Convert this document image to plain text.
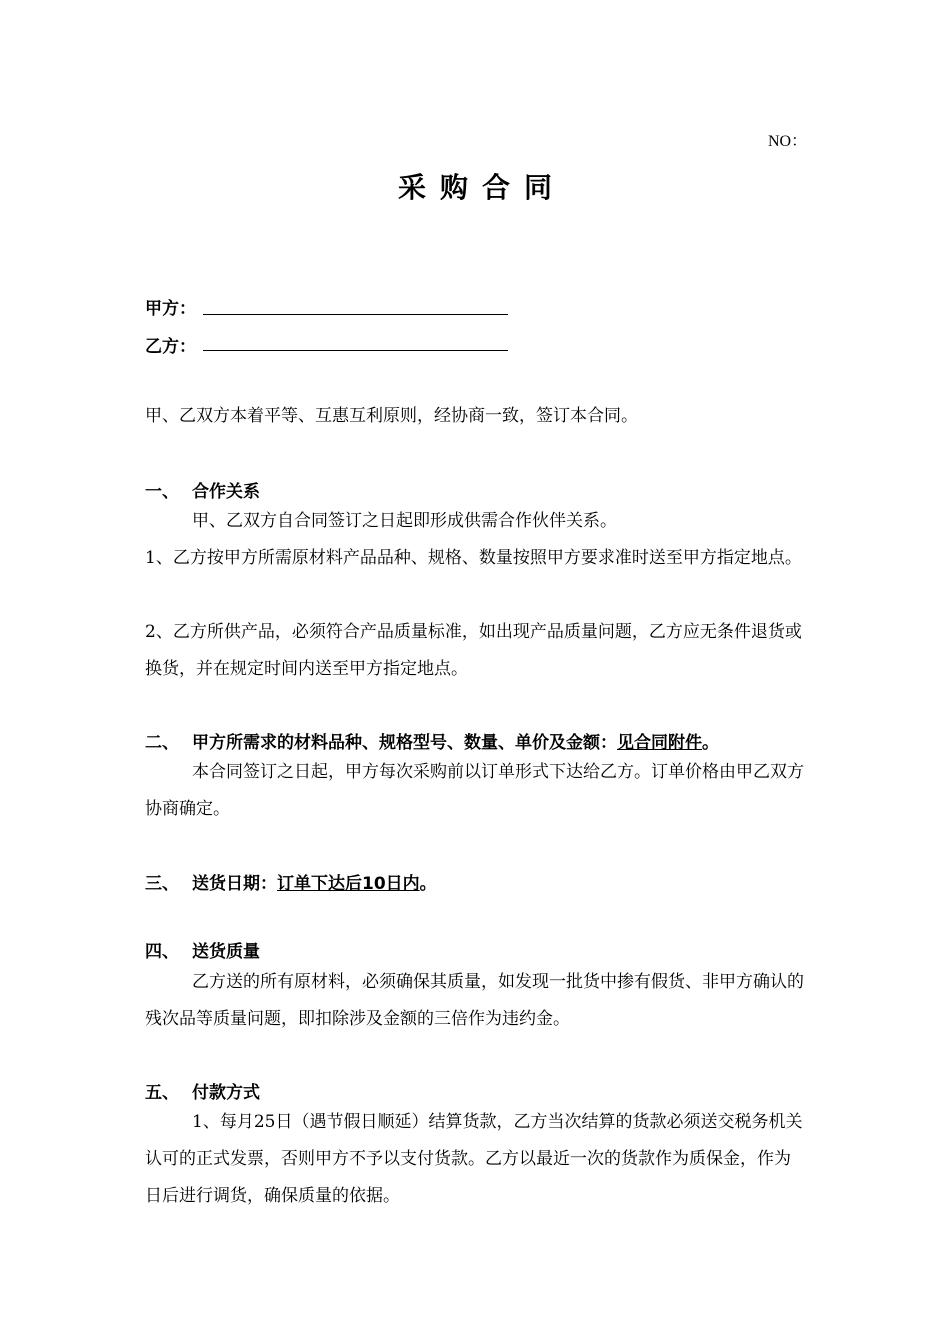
NO：
采购合同
甲方：
乙方：
甲、乙双方本着平等、互惠互利原则，经协商一致，签订本合同。
一、 合作关系
甲、乙双方自合同签订之日起即形成供需合作伙伴关系。
1、乙方按甲方所需原材料产品品种、规格、数量按照甲方要求准时送至甲方指定地点。
2、乙方所供产品，必须符合产品质量标准，如出现产品质量问题，乙方应无条件退货或换货，并在规定时间内送至甲方指定地点。
二、 甲方所需求的材料品种、规格型号、数量、单价及金额：见合同附件。
本合同签订之日起，甲方每次采购前以订单形式下达给乙方。订单价格由甲乙双方协商确定。
三、 送货日期：订单下达后10日内。
四、 送货质量
乙方送的所有原材料，必须确保其质量，如发现一批货中掺有假货、非甲方确认的残次品等质量问题，即扣除涉及金额的三倍作为违约金。
五、 付款方式
1、每月25日（遇节假日顺延）结算货款，乙方当次结算的货款必须送交税务机关认可的正式发票，否则甲方不予以支付货款。乙方以最近一次的货款作为质保金，作为日后进行调货，确保质量的依据。
